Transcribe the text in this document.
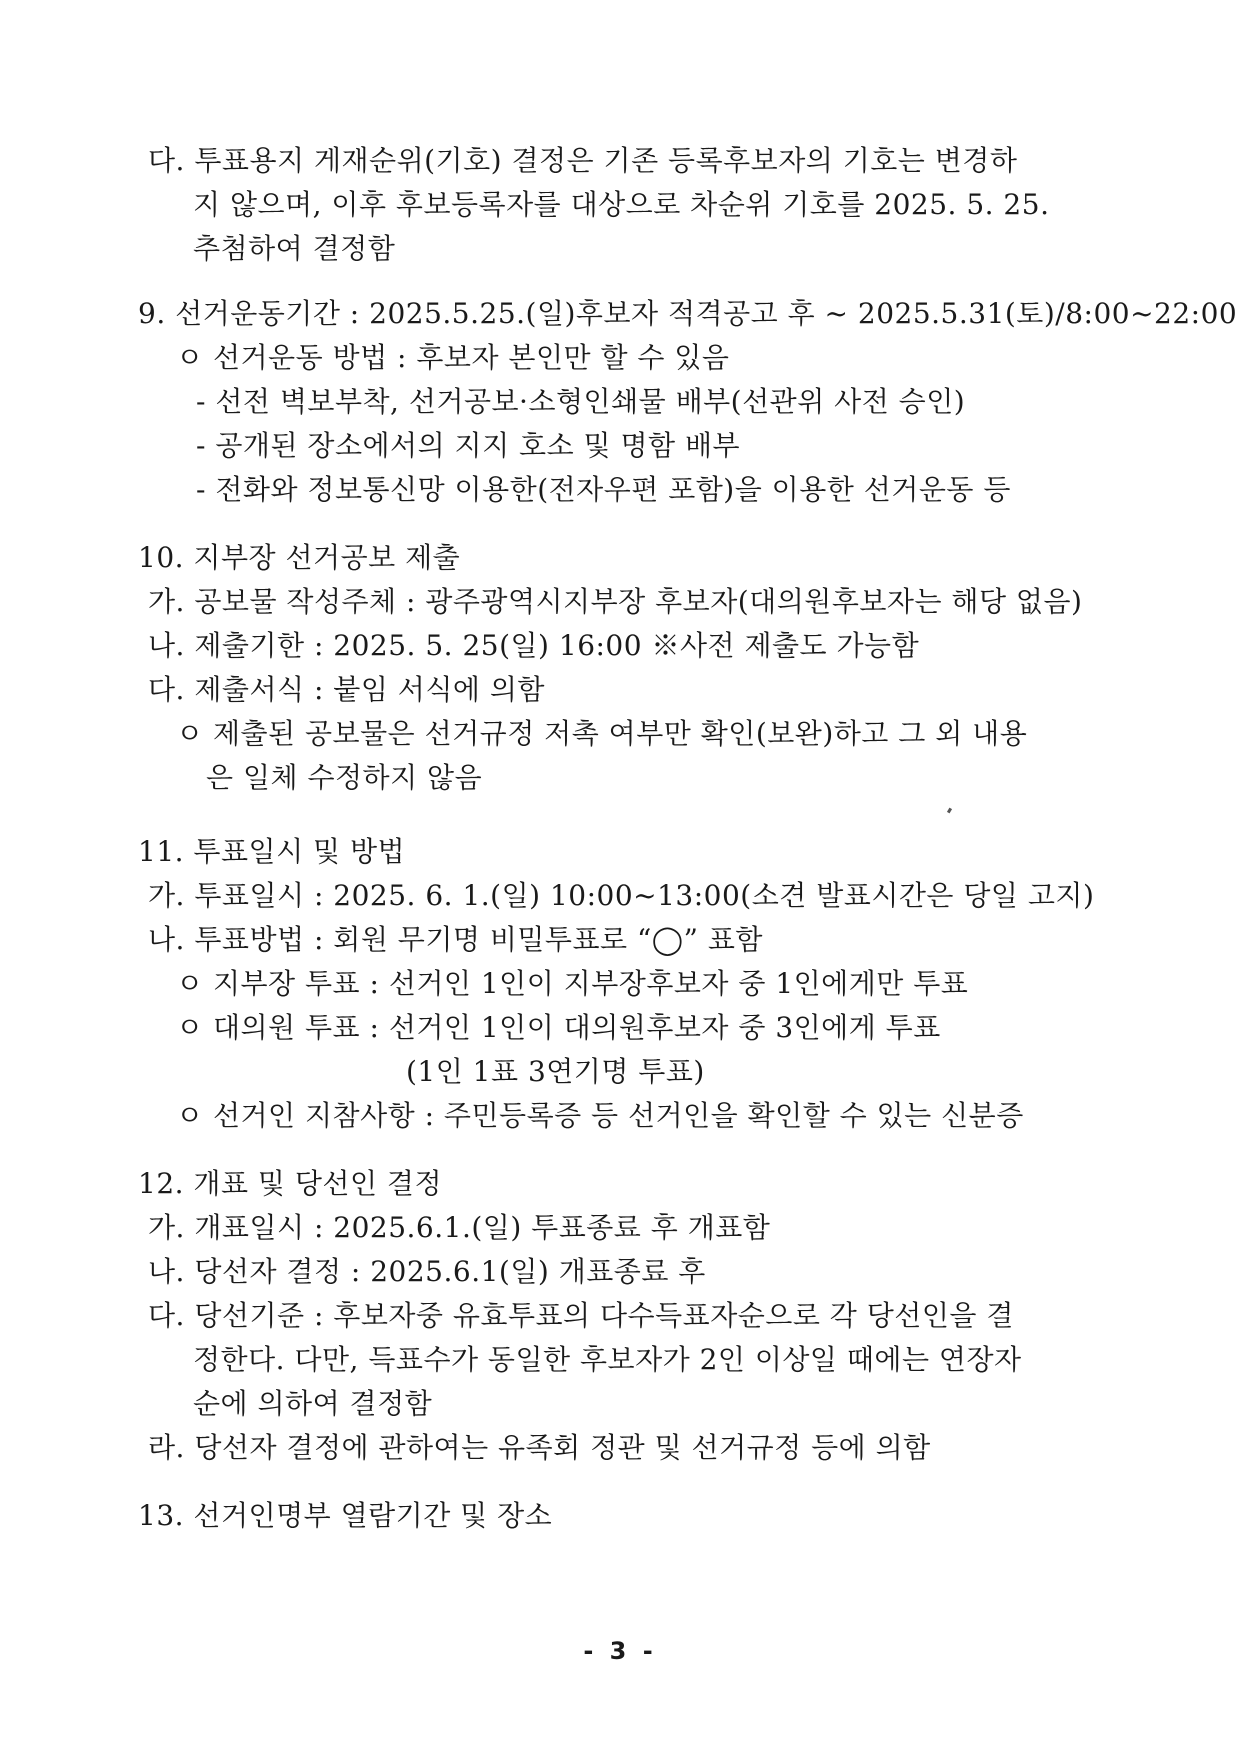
다. 투표용지 게재순위(기호) 결정은 기존 등록후보자의 기호는 변경하
지 않으며, 이후 후보등록자를 대상으로 차순위 기호를 2025. 5. 25.
추첨하여 결정함
9. 선거운동기간 : 2025.5.25.(일)후보자 적격공고 후 ~ 2025.5.31(토)/8:00~22:00
ㅇ 선거운동 방법 : 후보자 본인만 할 수 있음
- 선전 벽보부착, 선거공보·소형인쇄물 배부(선관위 사전 승인)
- 공개된 장소에서의 지지 호소 및 명함 배부
- 전화와 정보통신망 이용한(전자우편 포함)을 이용한 선거운동 등
10. 지부장 선거공보 제출
가. 공보물 작성주체 : 광주광역시지부장 후보자(대의원후보자는 해당 없음)
나. 제출기한 : 2025. 5. 25(일) 16:00 ※사전 제출도 가능함
다. 제출서식 : 붙임 서식에 의함
ㅇ 제출된 공보물은 선거규정 저촉 여부만 확인(보완)하고 그 외 내용
은 일체 수정하지 않음
11. 투표일시 및 방법
가. 투표일시 : 2025. 6. 1.(일) 10:00~13:00(소견 발표시간은 당일 고지)
나. 투표방법 : 회원 무기명 비밀투표로 “◯” 표함
ㅇ 지부장 투표 : 선거인 1인이 지부장후보자 중 1인에게만 투표
ㅇ 대의원 투표 : 선거인 1인이 대의원후보자 중 3인에게 투표
(1인 1표 3연기명 투표)
ㅇ 선거인 지참사항 : 주민등록증 등 선거인을 확인할 수 있는 신분증
12. 개표 및 당선인 결정
가. 개표일시 : 2025.6.1.(일) 투표종료 후 개표함
나. 당선자 결정 : 2025.6.1(일) 개표종료 후
다. 당선기준 : 후보자중 유효투표의 다수득표자순으로 각 당선인을 결
정한다. 다만, 득표수가 동일한 후보자가 2인 이상일 때에는 연장자
순에 의하여 결정함
라. 당선자 결정에 관하여는 유족회 정관 및 선거규정 등에 의함
13. 선거인명부 열람기간 및 장소
- 3 -
